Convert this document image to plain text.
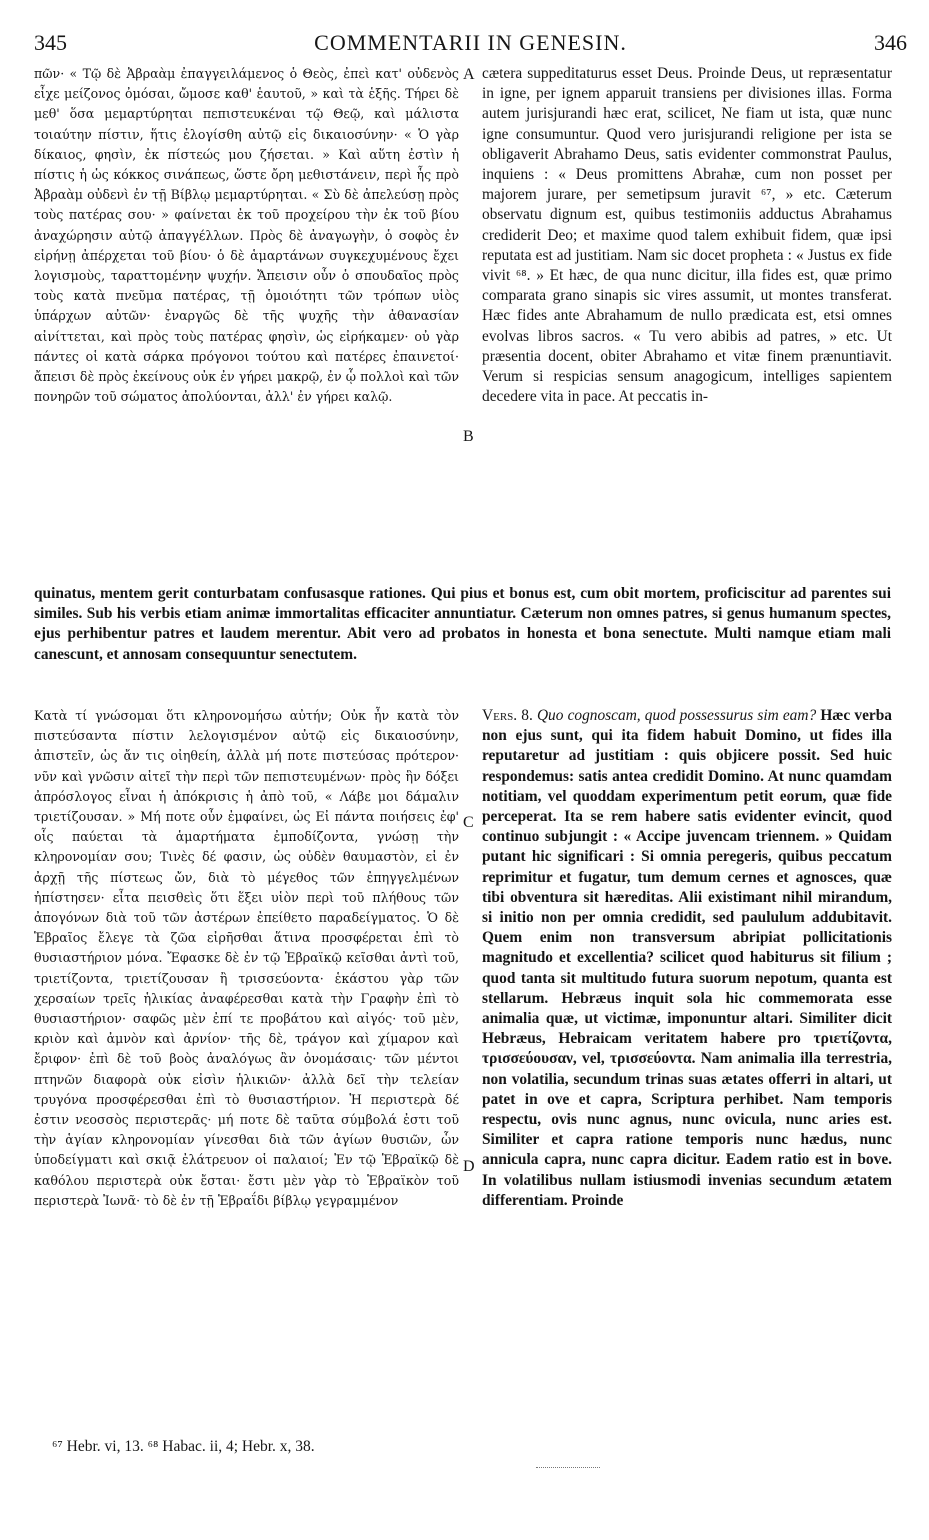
345	COMMENTARII IN GENESIN.	346
πῶν· « Τῷ δὲ Ἀβραὰμ ἐπαγγειλάμενος ὁ Θεὸς, ἐπεὶ κατ' οὐδενὸς εἶχε μείζονος ὀμόσαι, ὤμοσε καθ' ἑαυτοῦ, » καὶ τὰ ἑξῆς. Τήρει δὲ μεθ' ὅσα μεμαρτύρηται πεπιστευκέναι τῷ Θεῷ, καὶ μάλιστα τοιαύτην πίστιν, ἥτις ἐλογίσθη αὐτῷ εἰς δικαιοσύνην· « Ὁ γὰρ δίκαιος, φησὶν, ἐκ πίστεώς μου ζήσεται. » Καὶ αὕτη ἐστὶν ἡ πίστις ἡ ὡς κόκκος σινάπεως, ὥστε ὄρη μεθιστάνειν, περὶ ἧς πρὸ Ἀβραὰμ οὐδενὶ ἐν τῇ Βίβλῳ μεμαρτύρηται. « Σὺ δὲ ἀπελεύσῃ πρὸς τοὺς πατέρας σου· » φαίνεται ἐκ τοῦ προχείρου τὴν ἐκ τοῦ βίου ἀναχώρησιν αὐτῷ ἀπαγγέλλων. Πρὸς δὲ ἀναγωγὴν, ὁ σοφὸς ἐν εἰρήνῃ ἀπέρχεται τοῦ βίου· ὁ δὲ ἁμαρτάνων συγκεχυμένους ἔχει λογισμοὺς, ταραττομένην ψυχήν. Ἄπεισιν οὖν ὁ σπουδαῖος πρὸς τοὺς κατὰ πνεῦμα πατέρας, τῇ ὁμοιότητι τῶν τρόπων υἱὸς ὑπάρχων αὐτῶν· ἐναργῶς δὲ τῆς ψυχῆς τὴν ἀθανασίαν αἰνίττεται, καὶ πρὸς τοὺς πατέρας φησὶν, ὡς εἰρήκαμεν· οὐ γὰρ πάντες οἱ κατὰ σάρκα πρόγονοι τούτου καὶ πατέρες ἐπαινετοί· ἄπεισι δὲ πρὸς ἐκείνους οὐκ ἐν γήρει μακρῷ, ἐν ᾧ πολλοὶ καὶ τῶν πονηρῶν τοῦ σώματος ἀπολύονται, ἀλλ' ἐν γήρει καλῷ.
cætera suppeditaturus esset Deus. Proinde Deus, ut repræsentatur in igne, per ignem apparuit transiens per divisiones illas. Forma autem jurisjurandi hæc erat, scilicet, Ne fiam ut ista, quæ nunc igne consumuntur. Quod vero jurisjurandi religione per ista se obligaverit Abrahamo Deus, satis evidenter commonstrat Paulus, inquiens : « Deus promittens Abrahæ, cum non posset per majorem jurare, per semetipsum juravit ⁶⁷, » etc. Cæterum observatu dignum est, quibus testimoniis adductus Abrahamus crediderit Deo; et maxime quod talem exhibuit fidem, quæ ipsi reputata est ad justitiam. Nam sic docet propheta : « Justus ex fide vivit ⁶⁸. » Et hæc, de qua nunc dicitur, illa fides est, quæ primo comparata grano sinapis sic vires assumit, ut montes transferat. Hæc fides ante Abrahamum de nullo prædicata est, etsi omnes evolvas libros sacros. « Tu vero abibis ad patres, » etc. Ut præsentia docent, obiter Abrahamo et vitæ finem prænuntiavit. Verum si respicias sensum anagogicum, intelliges sapientem decedere vita in pace. At peccatis in-
quinatus, mentem gerit conturbatam confusasque rationes. Qui pius et bonus est, cum obit mortem, proficiscitur ad parentes sui similes. Sub his verbis etiam animæ immortalitas efficaciter annuntiatur. Cæterum non omnes patres, si genus humanum spectes, ejus perhibentur patres et laudem merentur. Abit vero ad probatos in honesta et bona senectute. Multi namque etiam mali canescunt, et annosam consequuntur senectutem.
Κατὰ τί γνώσομαι ὅτι κληρονομήσω αὐτήν; Οὐκ ἦν κατὰ τὸν πιστεύσαντα πίστιν λελογισμένον αὐτῷ εἰς δικαιοσύνην, ἀπιστεῖν, ὡς ἄν τις οἰηθείη, ἀλλὰ μή ποτε πιστεύσας πρότερον· νῦν καὶ γνῶσιν αἰτεῖ τὴν περὶ τῶν πεπιστευμένων· πρὸς ἣν δόξει ἀπρόσλογος εἶναι ἡ ἀπόκρισις ἡ ἀπὸ τοῦ, « Λάβε μοι δάμαλιν τριετίζουσαν. » Μή ποτε οὖν ἐμφαίνει, ὡς Εἰ πάντα ποιήσεις ἐφ' οἷς παύεται τὰ ἁμαρτήματα ἐμποδίζοντα, γνώσῃ τὴν κληρονομίαν σου; Τινὲς δέ φασιν, ὡς οὐδὲν θαυμαστὸν, εἰ ἐν ἀρχῇ τῆς πίστεως ὤν, διὰ τὸ μέγεθος τῶν ἐπηγγελμένων ἠπίστησεν· εἶτα πεισθεὶς ὅτι ἕξει υἱὸν περὶ τοῦ πλήθους τῶν ἀπογόνων διὰ τοῦ τῶν ἀστέρων ἐπείθετο παραδείγματος. Ὁ δὲ Ἑβραῖος ἔλεγε τὰ ζῶα εἰρῆσθαι ἅτινα προσφέρεται ἐπὶ τὸ θυσιαστήριον μόνα. Ἔφασκε δὲ ἐν τῷ Ἑβραϊκῷ κεῖσθαι ἀντὶ τοῦ, τριετίζοντα, τριετίζουσαν ἢ τρισσεύοντα· ἑκάστου γὰρ τῶν χερσαίων τρεῖς ἡλικίας ἀναφέρεσθαι κατὰ τὴν Γραφὴν ἐπὶ τὸ θυσιαστήριον· σαφῶς μὲν ἐπί τε προβάτου καὶ αἰγός· τοῦ μὲν, κριὸν καὶ ἀμνὸν καὶ ἀρνίον· τῆς δὲ, τράγον καὶ χίμαρον καὶ ἔριφον· ἐπὶ δὲ τοῦ βοὸς ἀναλόγως ἂν ὀνομάσαις· τῶν μέντοι πτηνῶν διαφορὰ οὐκ εἰσὶν ἡλικιῶν· ἀλλὰ δεῖ τὴν τελείαν τρυγόνα προσφέρεσθαι ἐπὶ τὸ θυσιαστήριον. Ἡ περιστερὰ δέ ἐστιν νεοσσὸς περιστερᾶς· μή ποτε δὲ ταῦτα σύμβολά ἐστι τοῦ τὴν ἁγίαν κληρονομίαν γίνεσθαι διὰ τῶν ἁγίων θυσιῶν, ὧν ὑποδείγματι καὶ σκιᾷ ἐλάτρευον οἱ παλαιοί; Ἐν τῷ Ἑβραϊκῷ δὲ καθόλου περιστερὰ οὐκ ἔσται· ἔστι μὲν γὰρ τὸ Ἑβραϊκὸν τοῦ περιστερὰ Ἰωνᾶ· τὸ δὲ ἐν τῇ Ἑβραΐδι βίβλῳ γεγραμμένον
Vers. 8. Quo cognoscam, quod possessurus sim eam? Hæc verba non ejus sunt, qui ita fidem habuit Domino, ut fides illa reputaretur ad justitiam : quis objicere possit. Sed huic respondemus: satis antea credidit Domino. At nunc quamdam notitiam, vel quoddam experimentum petit eorum, quæ fide perceperat. Ita se rem habere satis evidenter evincit, quod continuo subjungit : « Accipe juvencam triennem. » Quidam putant hic significari : Si omnia peregeris, quibus peccatum reprimitur et fugatur, tum demum cernes et agnosces, quæ tibi obventura sit hæreditas. Alii existimant nihil mirandum, si initio non per omnia credidit, sed paululum addubitavit. Quem enim non transversum abripiat pollicitationis magnitudo et excellentia? scilicet quod habiturus sit filium ; quod tanta sit multitudo futura suorum nepotum, quanta est stellarum. Hebræus inquit sola hic commemorata esse animalia quæ, ut victimæ, imponuntur altari. Similiter dicit Hebræus, Hebraicam veritatem habere pro τριετίζοντα, τρισσεύουσαν, vel, τρισσεύοντα. Nam animalia illa terrestria, non volatilia, secundum trinas suas ætates offerri in altari, ut patet in ove et capra, Scriptura perhibet. Nam temporis respectu, ovis nunc agnus, nunc ovicula, nunc aries est. Similiter et capra ratione temporis nunc hædus, nunc annicula capra, nunc capra dicitur. Eadem ratio est in bove. In volatilibus nullam istiusmodi invenias secundum ætatem differentiam. Proinde
A
B
C
D
⁶⁷ Hebr. vi, 13. ⁶⁸ Habac. ii, 4; Hebr. x, 38.
